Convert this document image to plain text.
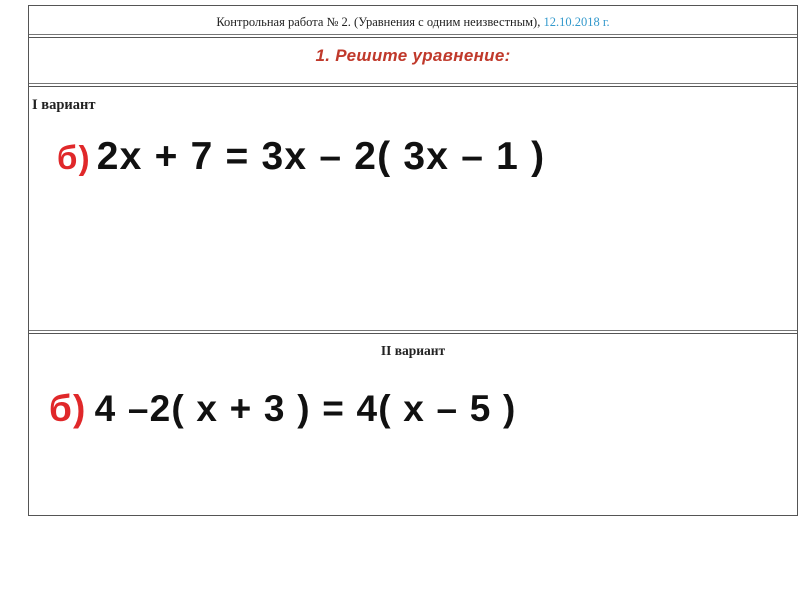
Контрольная работа № 2. (Уравнения с одним неизвестным), 12.10.2018 г.
1. Решите уравнение:
I вариант
б) 2x + 7 = 3x – 2( 3x – 1 )
II вариант
б) 4 –2( x + 3 ) = 4( x – 5 )
